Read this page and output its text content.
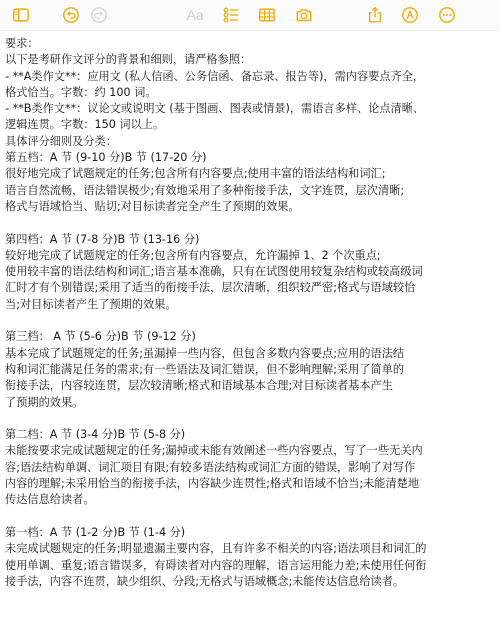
Aa
要求：
以下是考研作文评分的背景和细则，请严格参照：
- **A类作文**：应用文 (私人信函、公务信函、备忘录、报告等)，需内容要点齐全，
格式恰当。字数：约 100 词。
- **B类作文**：议论文或说明文 (基于图画、图表或情景)，需语言多样、论点清晰、
逻辑连贯。字数：150 词以上。
具体评分细则及分类：
第五档：A 节 (9-10 分)B 节 (17-20 分)
很好地完成了试题规定的任务;包含所有内容要点;使用丰富的语法结构和词汇;
语言自然流畅，语法错误极少;有效地采用了多种衔接手法，文字连贯，层次清晰;
格式与语域恰当、贴切;对目标读者完全产生了预期的效果。
第四档：A 节 (7-8 分)B 节 (13-16 分)
较好地完成了试题规定的任务;包含所有内容要点，允许漏掉 1、2 个次重点;
使用较丰富的语法结构和词汇;语言基本准确，只有在试图使用较复杂结构或较高级词
汇时才有个别错误;采用了适当的衔接手法，层次清晰，组织较严密;格式与语域较恰
当;对目标读者产生了预期的效果。
第三档： A 节 (5-6 分)B 节 (9-12 分)
基本完成了试题规定的任务;虽漏掉一些内容，但包含多数内容要点;应用的语法结
构和词汇能满足任务的需求;有一些语法及词汇错误，但不影响理解;采用了简单的
衔接手法，内容较连贯，层次较清晰;格式和语域基本合理;对目标读者基本产生
了预期的效果。
第二档：A 节 (3-4 分)B 节 (5-8 分)
未能按要求完成试题规定的任务;漏掉或未能有效阐述一些内容要点，写了一些无关内
容;语法结构单调、词汇项目有限;有较多语法结构或词汇方面的错误，影响了对写作
内容的理解;未采用恰当的衔接手法，内容缺少连贯性;格式和语域不恰当;未能清楚地
传达信息给读者。
第一档：A 节 (1-2 分)B 节 (1-4 分)
未完成试题规定的任务;明显遗漏主要内容，且有许多不相关的内容;语法项目和词汇的
使用单调、重复;语言错误多，有碍读者对内容的理解，语言运用能力差;未使用任何衔
接手法，内容不连贯，缺少组织、分段;无格式与语域概念;未能传达信息给读者。
